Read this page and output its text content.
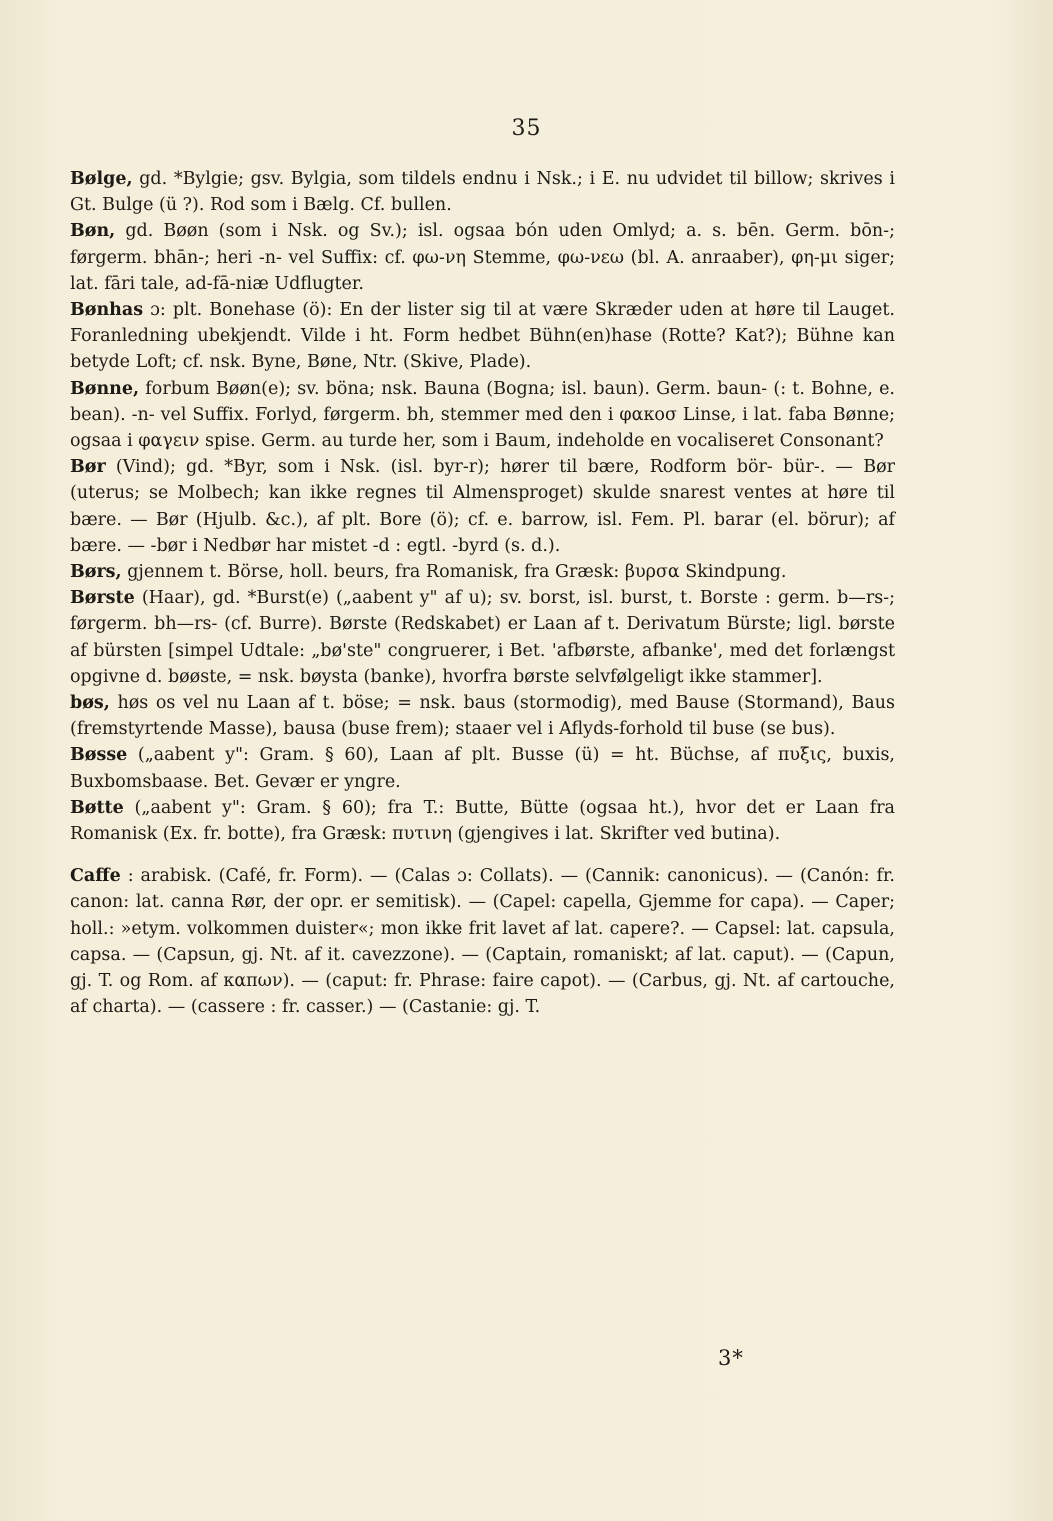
35

Bølge, gd. *Bylgie; gsv. Bylgia, som tildels endnu i Nsk.; i E. nu udvidet til billow; skrives i Gt. Bulge (ü ?). Rod som i Bælg. Cf. bullen.

Bøn, gd. Bøøn (som i Nsk. og Sv.); isl. ogsaa bón uden Omlyd; a. s. bēn. Germ. bōn-; førgerm. bhān-; heri -n- vel Suffix: cf. φω-νη Stemme, φω-νεω (bl. A. anraaber), φη-μι siger; lat. fāri tale, ad-fā-niæ Udflugter.

Bønhas ɔ: plt. Bonehase (ö): En der lister sig til at være Skræder uden at høre til Lauget. Foranledning ubekjendt. Vilde i ht. Form hedbet Bühn(en)hase (Rotte? Kat?); Bühne kan betyde Loft; cf. nsk. Byne, Bøne, Ntr. (Skive, Plade).

Bønne, forbum Bøøn(e); sv. böna; nsk. Bauna (Bogna; isl. baun). Germ. baun- (: t. Bohne, e. bean). -n- vel Suffix. Forlyd, førgerm. bh, stemmer med den i φακοσ Linse, i lat. faba Bønne; ogsaa i φαγειν spise. Germ. au turde her, som i Baum, indeholde en vocaliseret Consonant?

Bør (Vind); gd. *Byr, som i Nsk. (isl. byr-r); hører til bære, Rodform bör- bür-. — Bør (uterus; se Molbech; kan ikke regnes til Almensproget) skulde snarest ventes at høre til bære. — Bør (Hjulb. &c.), af plt. Bore (ö); cf. e. barrow, isl. Fem. Pl. barar (el. börur); af bære. — -bør i Nedbør har mistet -d : egtl. -byrd (s. d.).

Børs, gjennem t. Börse, holl. beurs, fra Romanisk, fra Græsk: βυρσα Skindpung.

Børste (Haar), gd. *Burst(e) („aabent y" af u); sv. borst, isl. burst, t. Borste : germ. b—rs-; førgerm. bh—rs- (cf. Burre). Børste (Redskabet) er Laan af t. Derivatum Bürste; ligl. børste af bürsten [simpel Udtale: „bø'ste" congruerer, i Bet. 'afbørste, afbanke', med det forlængst opgivne d. bøøste, = nsk. bøysta (banke), hvorfra børste selvfølgeligt ikke stammer].

bøs, høs os vel nu Laan af t. böse; = nsk. baus (stormodig), med Bause (Stormand), Baus (fremstyrtende Masse), bausa (buse frem); staaer vel i Aflyds-forhold til buse (se bus).

Bøsse („aabent y": Gram. § 60), Laan af plt. Busse (ü) = ht. Büchse, af πυξις, buxis, Buxbomsbaase. Bet. Gevær er yngre.

Bøtte („aabent y": Gram. § 60); fra T.: Butte, Bütte (ogsaa ht.), hvor det er Laan fra Romanisk (Ex. fr. botte), fra Græsk: πυτινη (gjengives i lat. Skrifter ved butina).

Caffe : arabisk. (Café, fr. Form). — (Calas ɔ: Collats). — (Cannik: canonicus). — (Canón: fr. canon: lat. canna Rør, der opr. er semitisk). — (Capel: capella, Gjemme for capa). — Caper; holl.: »etym. volkommen duister«; mon ikke frit lavet af lat. capere?. — Capsel: lat. capsula, capsa. — (Capsun, gj. Nt. af it. cavezzone). — (Captain, romaniskt; af lat. caput). — (Capun, gj. T. og Rom. af καπων). — (caput: fr. Phrase: faire capot). — (Carbus, gj. Nt. af cartouche, af charta). — (cassere : fr. casser.) — (Castanie: gj. T.

3*
